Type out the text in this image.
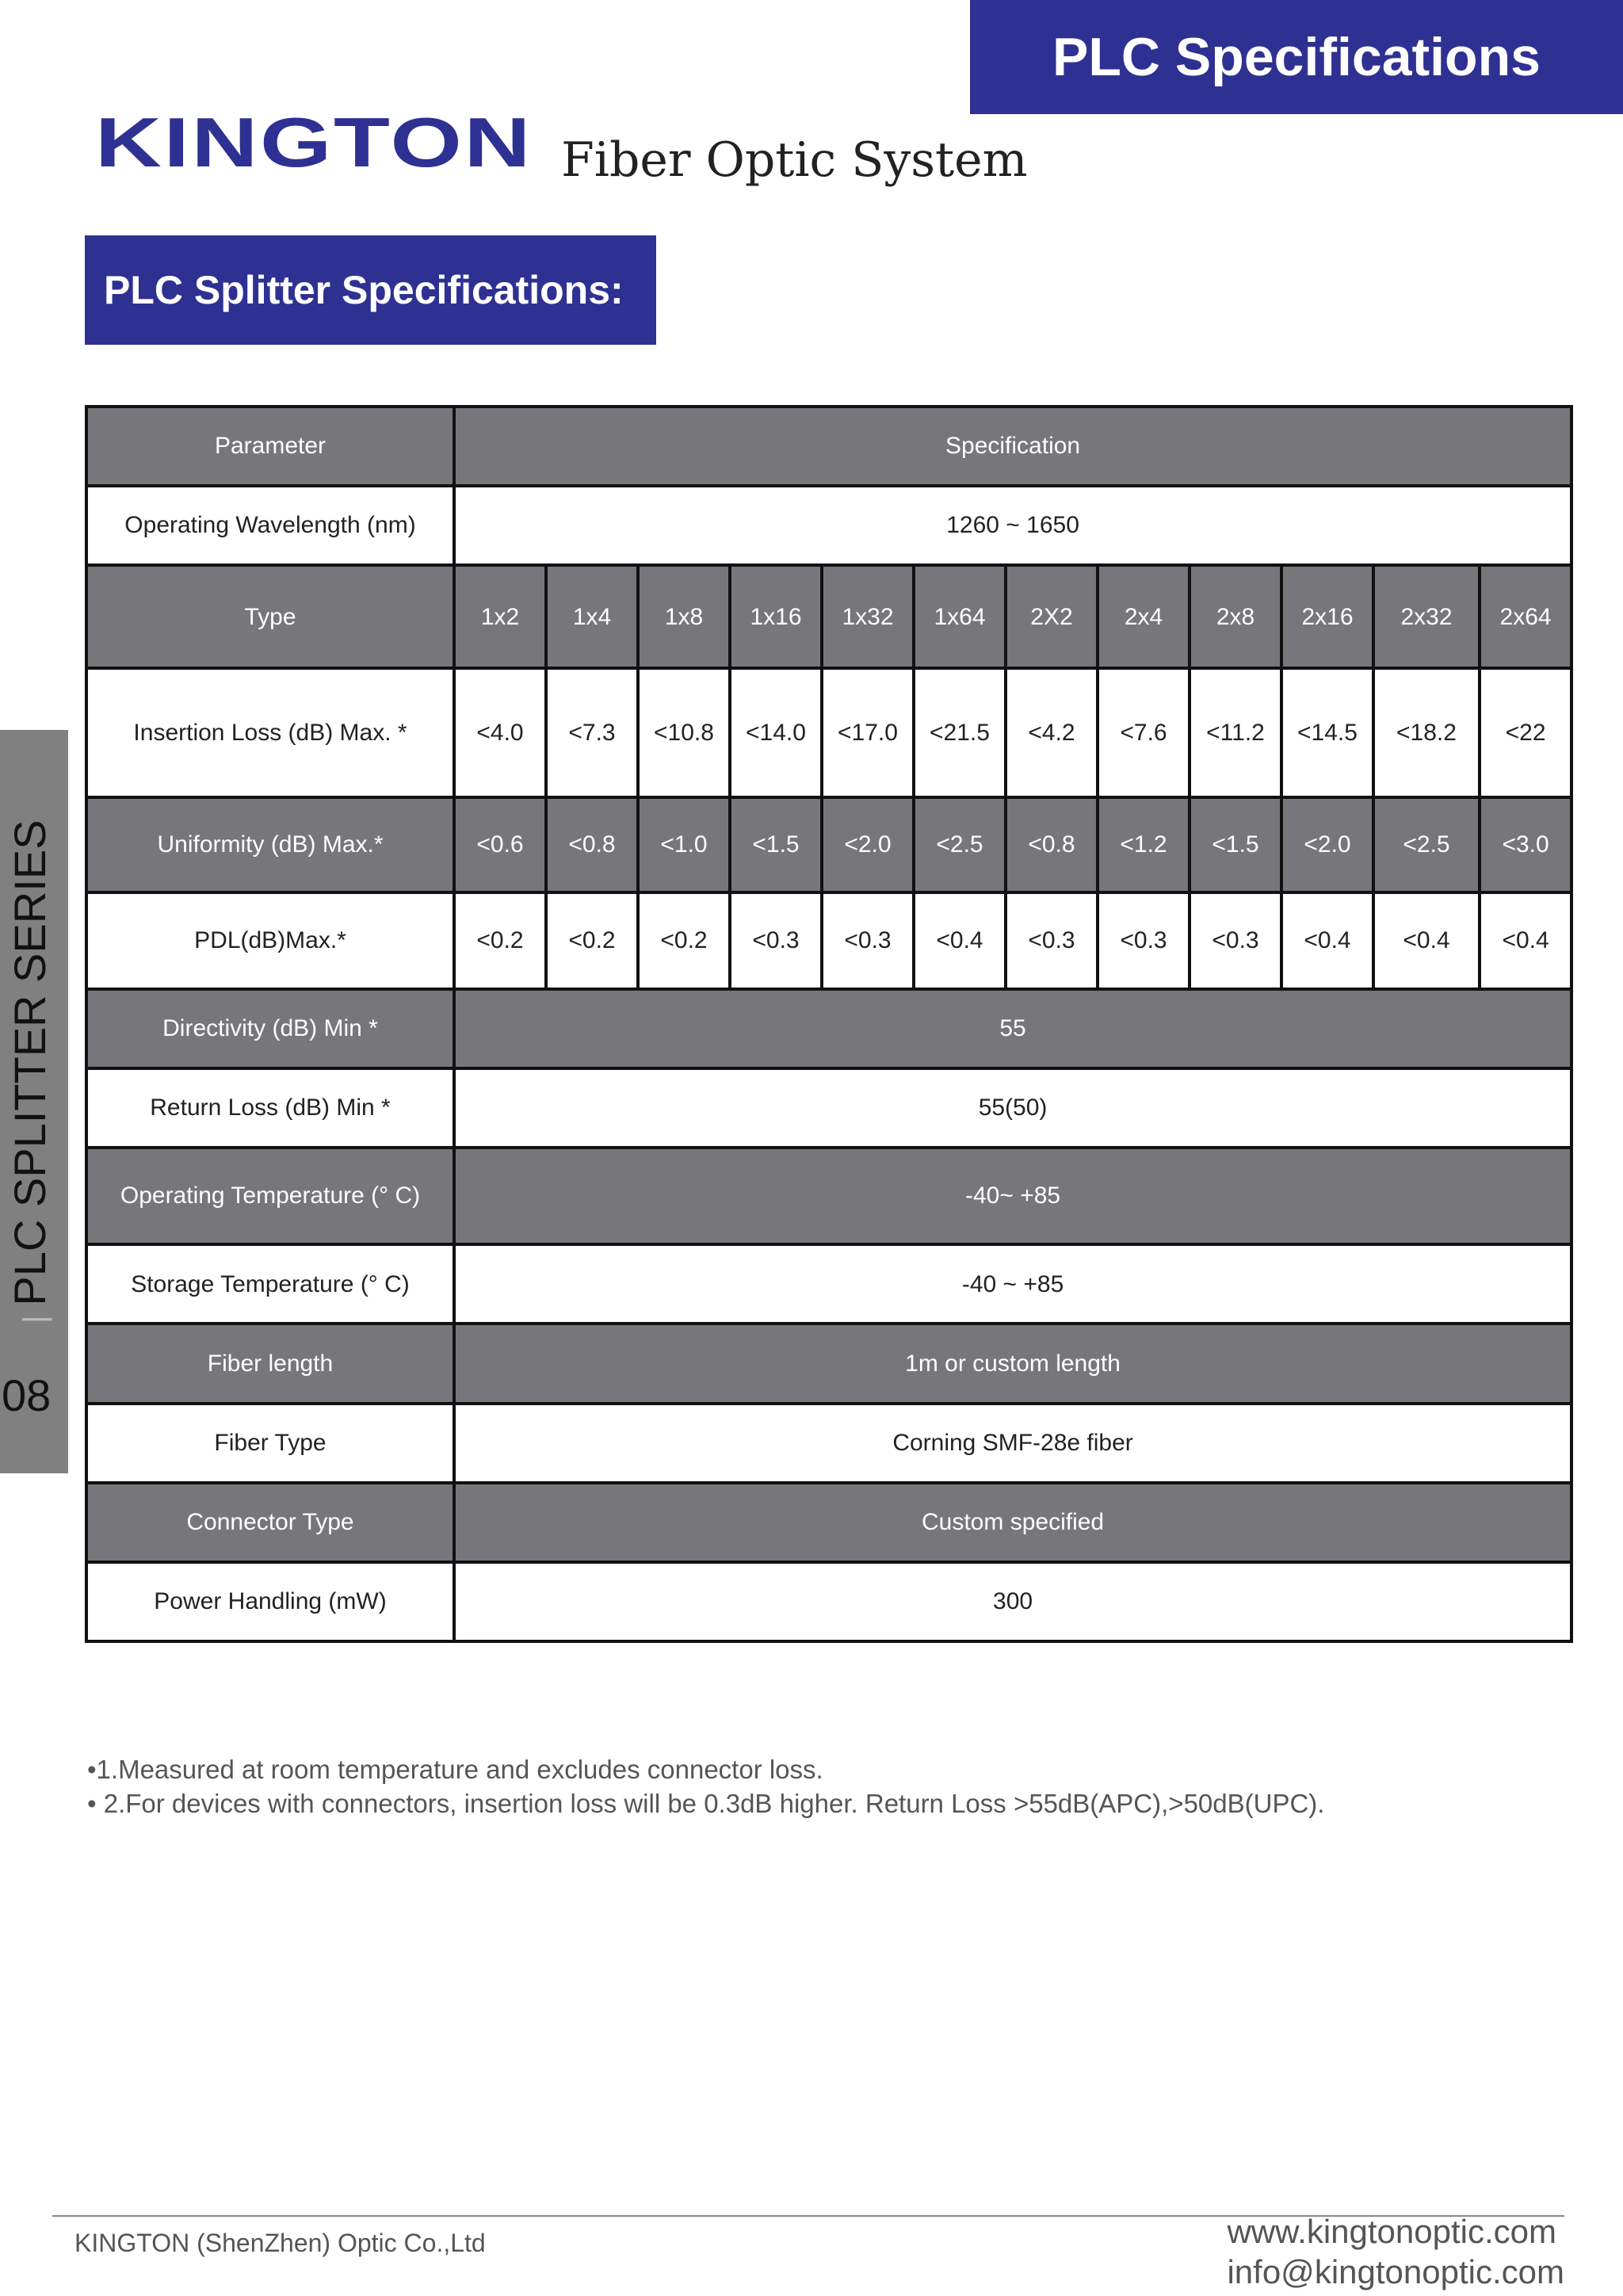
PLC Specifications
KINGTON Fiber Optic System
PLC Splitter Specifications:
|PLC SPLITTER SERIES
08
Parameter	Specification											
Operating Wavelength (nm)	1260 ~ 1650											
Type	1x2	1x4	1x8	1x16	1x32	1x64	2X2	2x4	2x8	2x16	2x32	2x64
Insertion Loss (dB) Max. *	<4.0	<7.3	<10.8	<14.0	<17.0	<21.5	<4.2	<7.6	<11.2	<14.5	<18.2	<22
Uniformity (dB) Max.*	<0.6	<0.8	<1.0	<1.5	<2.0	<2.5	<0.8	<1.2	<1.5	<2.0	<2.5	<3.0
PDL(dB)Max.*	<0.2	<0.2	<0.2	<0.3	<0.3	<0.4	<0.3	<0.3	<0.3	<0.4	<0.4	<0.4
Directivity (dB) Min *	55											
Return Loss (dB) Min *	55(50)											
Operating Temperature (° C)	-40~ +85											
Storage Temperature (° C)	-40 ~ +85											
Fiber length	1m or custom length											
Fiber Type	Corning SMF-28e fiber											
Connector Type	Custom specified											
Power Handling (mW)	300											
•1.Measured at room temperature and excludes connector loss.
• 2.For devices with connectors, insertion loss will be 0.3dB higher. Return Loss >55dB(APC),>50dB(UPC).
KINGTON (ShenZhen) Optic Co.,Ltd	www.kingtonoptic.com
info@kingtonoptic.com
